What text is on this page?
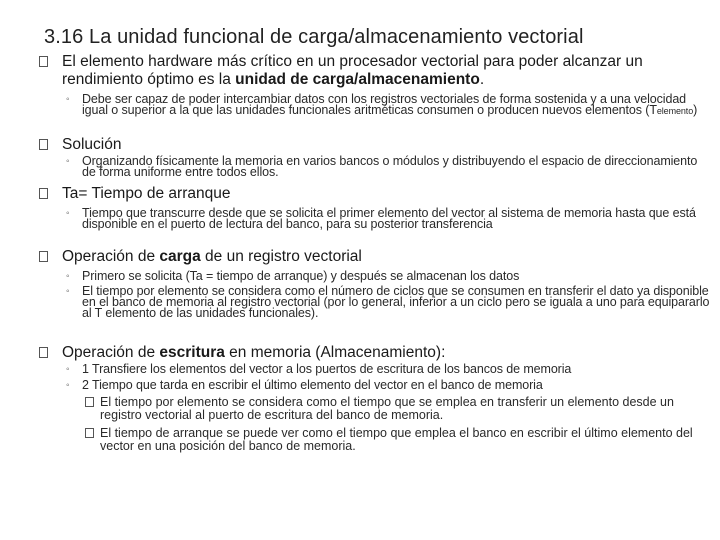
3.16 La unidad funcional de carga/almacenamiento vectorial
El elemento hardware más crítico en un procesador vectorial para poder alcanzar un rendimiento óptimo es la unidad de carga/almacenamiento.
◦ Debe ser capaz de poder intercambiar datos con los registros vectoriales de forma sostenida y a una velocidad igual o superior a la que las unidades funcionales aritméticas consumen o producen nuevos elementos (Telemento)
Solución
◦ Organizando físicamente la memoria en varios bancos o módulos y distribuyendo el espacio de direccionamiento de forma uniforme entre todos ellos.
Ta= Tiempo de arranque
◦ Tiempo que transcurre desde que se solicita el primer elemento del vector al sistema de memoria hasta que está disponible en el puerto de lectura del banco, para su posterior transferencia
Operación de carga de un registro vectorial
◦ Primero se solicita (Ta = tiempo de arranque) y después se almacenan los datos
◦ El tiempo por elemento se considera como el número de ciclos que se consumen en transferir el dato ya disponible en el banco de memoria al registro vectorial (por lo general, inferior a un ciclo pero se iguala a uno para equipararlo al T elemento de las unidades funcionales).
Operación de escritura en memoria (Almacenamiento):
◦ 1 Transfiere los elementos del vector a los puertos de escritura de los bancos de memoria
◦ 2 Tiempo que tarda en escribir el último elemento del vector en el banco de memoria
El tiempo por elemento se considera como el tiempo que se emplea en transferir un elemento desde un registro vectorial al puerto de escritura del banco de memoria.
El tiempo de arranque se puede ver como el tiempo que emplea el banco en escribir el último elemento del vector en una posición del banco de memoria.
